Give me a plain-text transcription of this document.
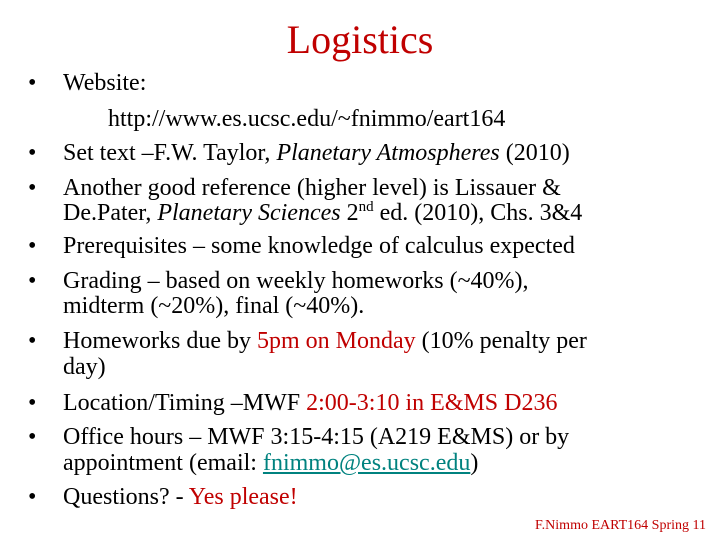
Logistics
•	Website:
http://www.es.ucsc.edu/~fnimmo/eart164
•	Set text –F.W. Taylor, Planetary Atmospheres (2010)
•	Another good reference (higher level) is Lissauer &
De.Pater, Planetary Sciences 2nd ed. (2010), Chs. 3&4
•	Prerequisites – some knowledge of calculus expected
•	Grading – based on weekly homeworks (~40%),
midterm (~20%), final (~40%).
•	Homeworks due by 5pm on Monday (10% penalty per
day)
•	Location/Timing –MWF 2:00-3:10 in E&MS D236
•	Office hours – MWF 3:15-4:15 (A219 E&MS) or by
appointment (email: fnimmo@es.ucsc.edu)
•	Questions? - Yes please!
F.Nimmo EART164 Spring 11
